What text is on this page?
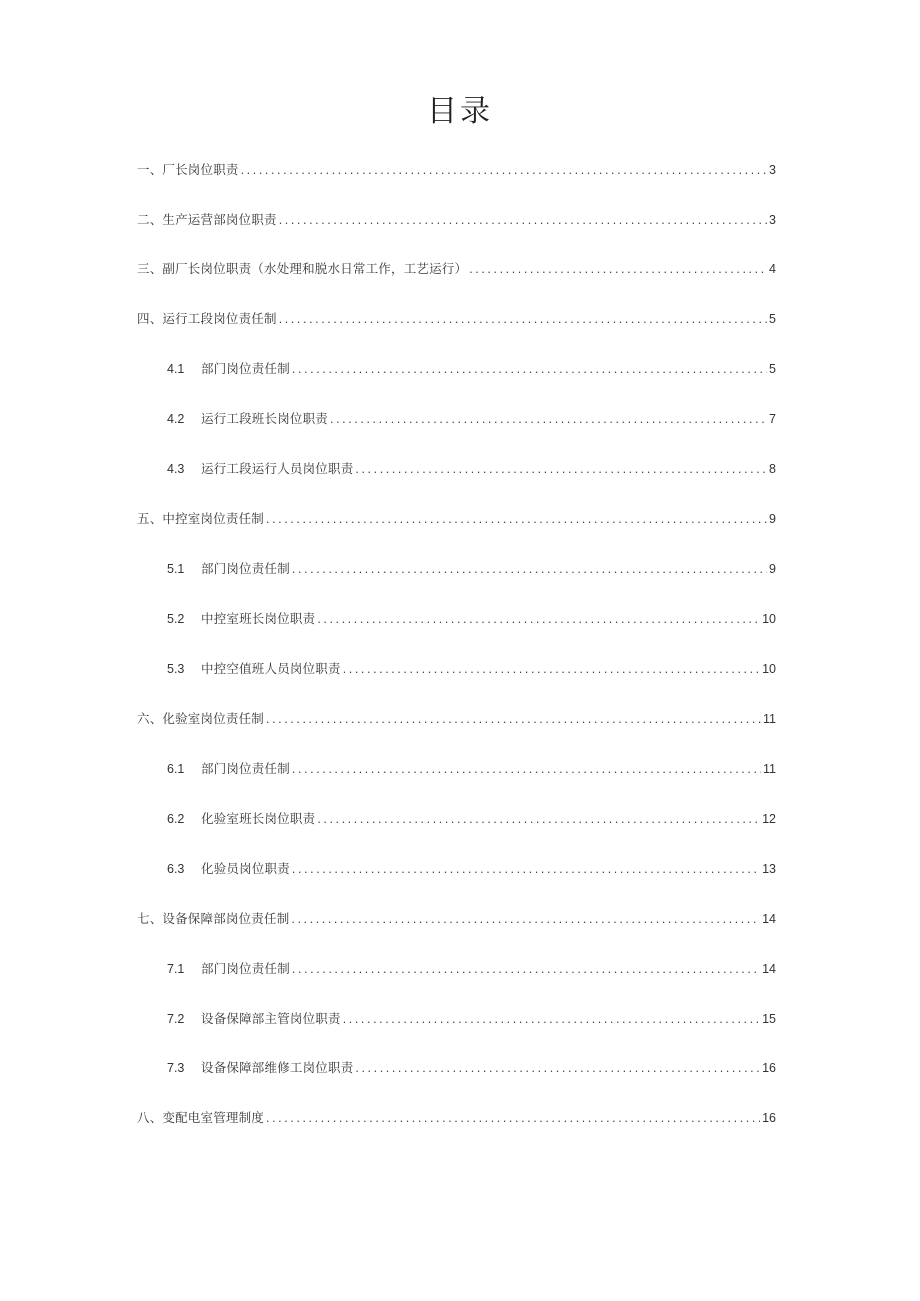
目录
一、厂长岗位职责 .....	3
二、生产运营部岗位职责 .....	3
三、副厂长岗位职责（水处理和脱水日常工作，工艺运行） .....	4
四、运行工段岗位责任制 .....	5
4.1	部门岗位责任制 .....	5
4.2	运行工段班长岗位职责 .....	7
4.3	运行工段运行人员岗位职责 .....	8
五、中控室岗位责任制 .....	9
5.1	部门岗位责任制 .....	9
5.2	中控室班长岗位职责 .....	10
5.3	中控空值班人员岗位职责 .....	10
六、化验室岗位责任制 .....	11
6.1	部门岗位责任制 .....	11
6.2	化验室班长岗位职责 .....	12
6.3	化验员岗位职责 .....	13
七、设备保障部岗位责任制 .....	14
7.1	部门岗位责任制 .....	14
7.2	设备保障部主管岗位职责 .....	15
7.3	设备保障部维修工岗位职责 .....	16
八、变配电室管理制度 .....	16
